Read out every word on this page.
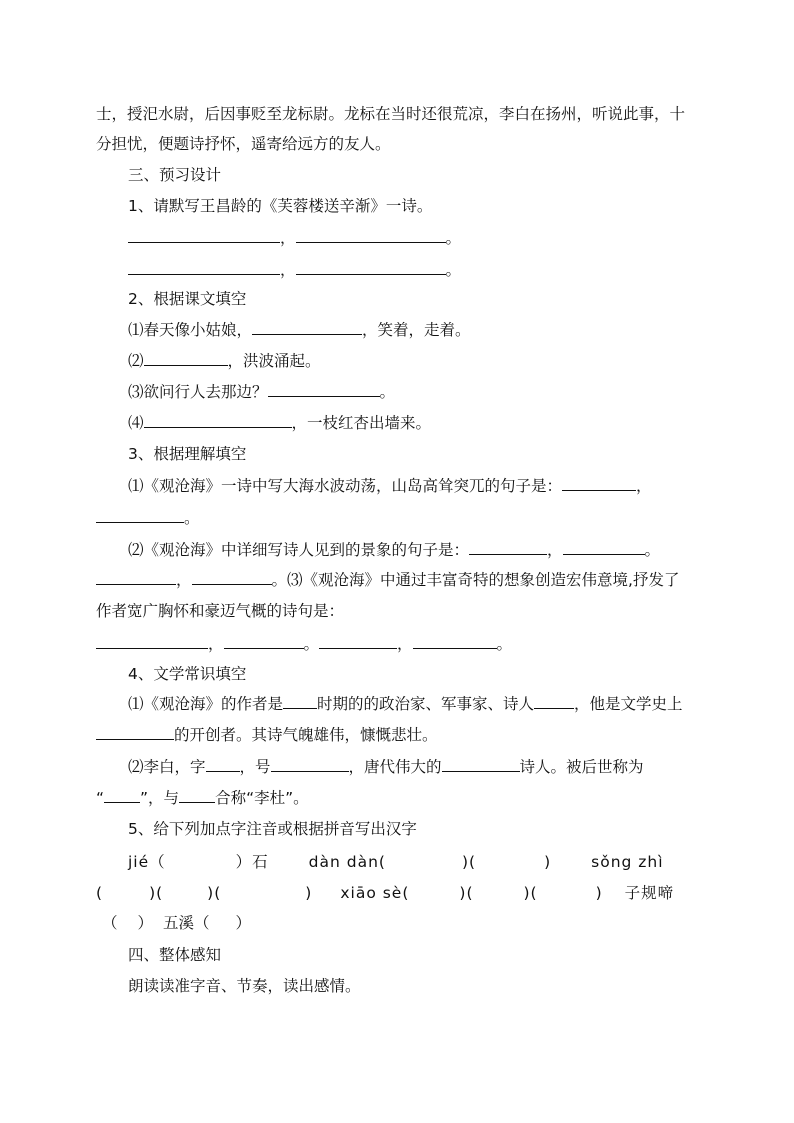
士，授汜水尉，后因事贬至龙标尉。龙标在当时还很荒凉，李白在扬州，听说此事，十
分担忧，便题诗抒怀，遥寄给远方的友人。
三、预习设计
1、请默写王昌龄的《芙蓉楼送辛渐》一诗。
，	。
，	。
2、根据课文填空
⑴春天像小姑娘，	，笑着，走着。
⑵	，洪波涌起。
⑶欲问行人去那边？	。
⑷	，一枝红杏出墙来。
3、根据理解填空
⑴《观沧海》一诗中写大海水波动荡，山岛高耸突兀的句子是：	，
。
⑵《观沧海》中详细写诗人见到的景象的句子是：	，	。
，	。⑶《观沧海》中通过丰富奇特的想象创造宏伟意境,抒发了
作者宽广胸怀和豪迈气概的诗句是：
，	。	，	。
4、文学常识填空
⑴《观沧海》的作者是 时期的的政治家、军事家、诗人	，他是文学史上
的开创者。其诗气魄雄伟，慷慨悲壮。
⑵李白，字 ，号	，唐代伟大的	诗人。被后世称为
“ ”，与 合称“李杜”。
5、给下列加点字注音或根据拼音写出汉字
jié（	）石	dàn dàn(	)(	)	sǒng zhì
(	)(	)(	) xiāo sè(	)(	)(	) 子规啼
（ ） 五溪（ ）
四、整体感知
朗读读准字音、节奏，读出感情。
